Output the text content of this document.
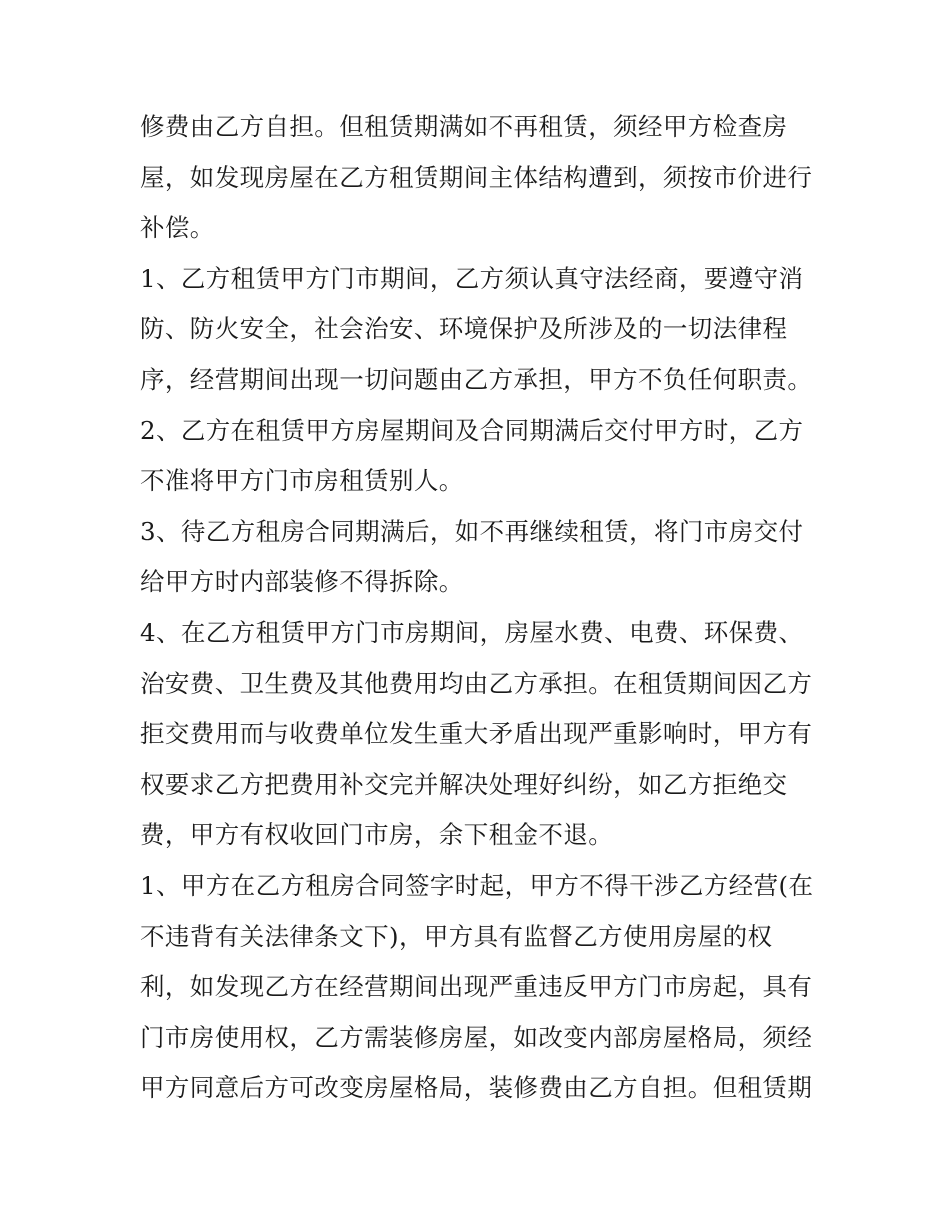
修费由乙方自担。但租赁期满如不再租赁，须经甲方检查房
屋，如发现房屋在乙方租赁期间主体结构遭到，须按市价进行
补偿。
1、乙方租赁甲方门市期间，乙方须认真守法经商，要遵守消
防、防火安全，社会治安、环境保护及所涉及的一切法律程
序，经营期间出现一切问题由乙方承担，甲方不负任何职责。
2、乙方在租赁甲方房屋期间及合同期满后交付甲方时，乙方
不准将甲方门市房租赁别人。
3、待乙方租房合同期满后，如不再继续租赁，将门市房交付
给甲方时内部装修不得拆除。
4、在乙方租赁甲方门市房期间，房屋水费、电费、环保费、
治安费、卫生费及其他费用均由乙方承担。在租赁期间因乙方
拒交费用而与收费单位发生重大矛盾出现严重影响时，甲方有
权要求乙方把费用补交完并解决处理好纠纷，如乙方拒绝交
费，甲方有权收回门市房，余下租金不退。
1、甲方在乙方租房合同签字时起，甲方不得干涉乙方经营(在
不违背有关法律条文下)，甲方具有监督乙方使用房屋的权
利，如发现乙方在经营期间出现严重违反甲方门市房起，具有
门市房使用权，乙方需装修房屋，如改变内部房屋格局，须经
甲方同意后方可改变房屋格局，装修费由乙方自担。但租赁期
